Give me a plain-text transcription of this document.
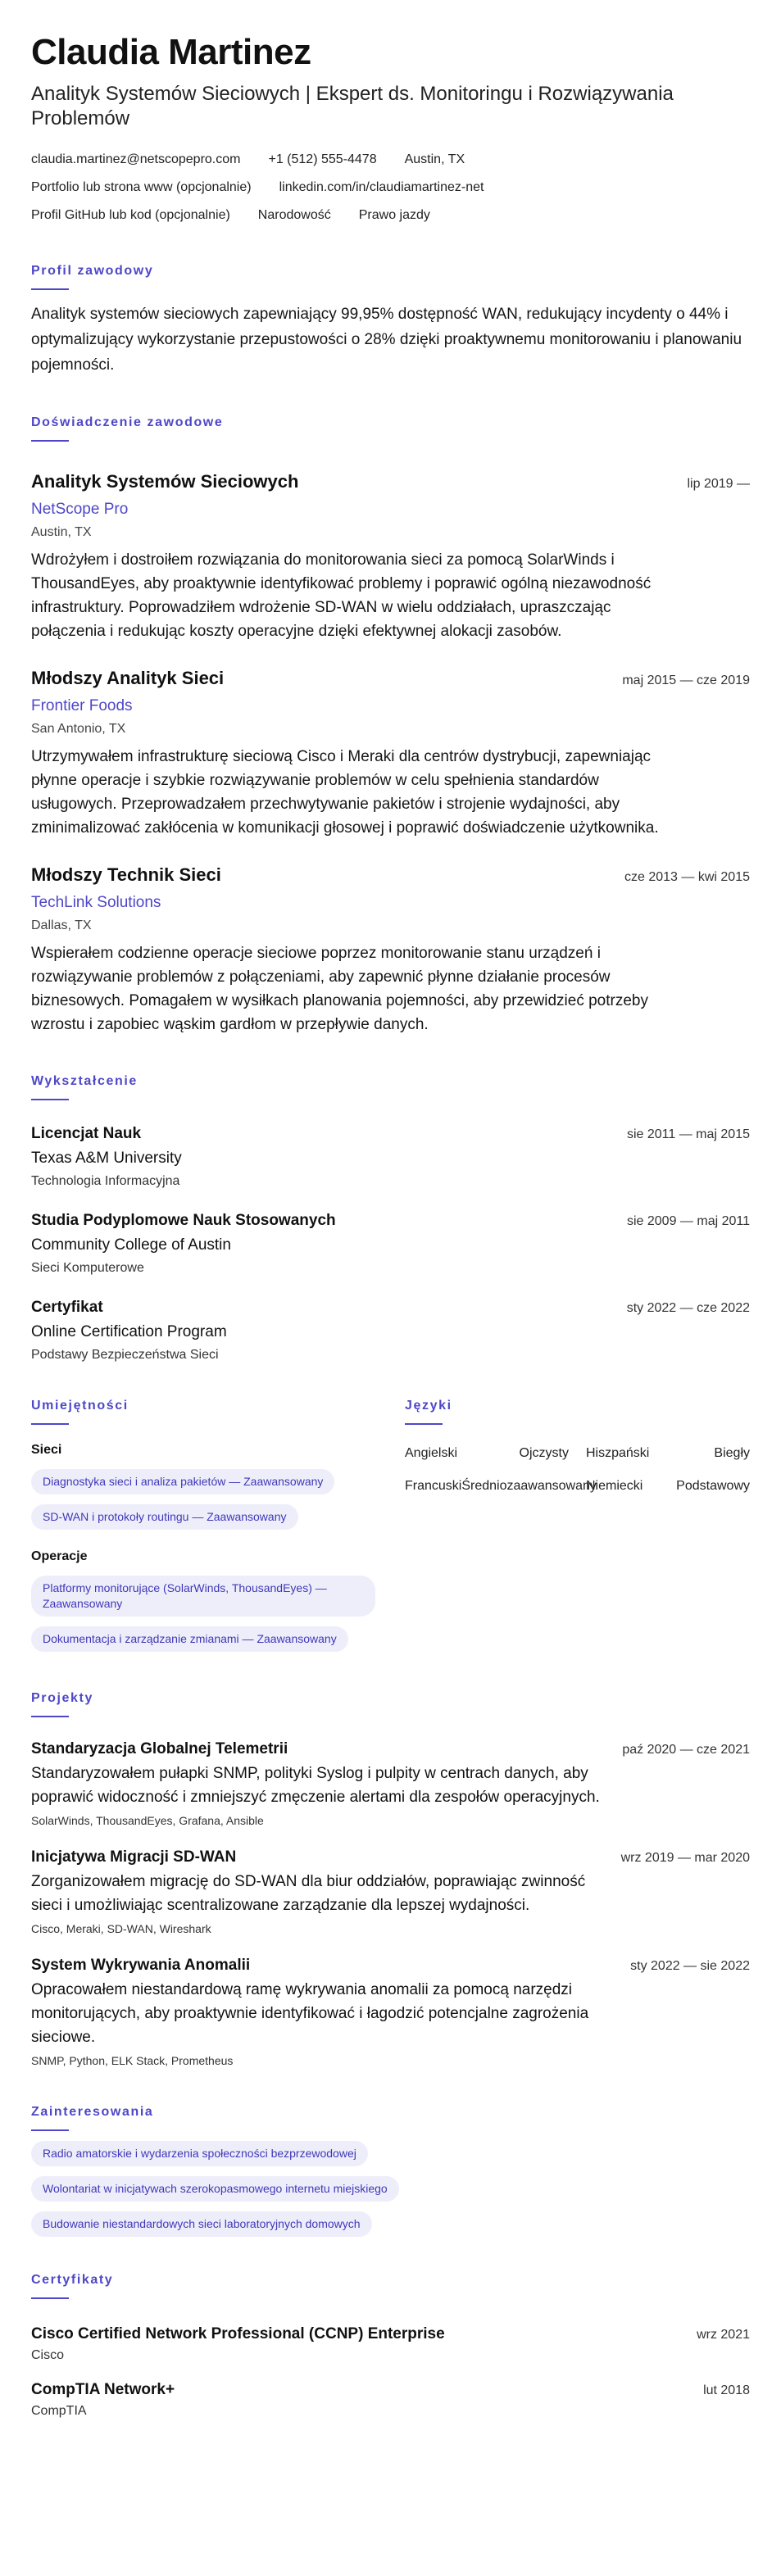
Claudia Martinez
Analityk Systemów Sieciowych | Ekspert ds. Monitoringu i Rozwiązywania Problemów
claudia.martinez@netscopepro.com +1 (512) 555-4478 Austin, TX
Portfolio lub strona www (opcjonalnie) linkedin.com/in/claudiamartinez-net
Profil GitHub lub kod (opcjonalnie) Narodowość Prawo jazdy
Profil zawodowy
Analityk systemów sieciowych zapewniający 99,95% dostępność WAN, redukujący incydenty o 44% i optymalizujący wykorzystanie przepustowości o 28% dzięki proaktywnemu monitorowaniu i planowaniu pojemności.
Doświadczenie zawodowe
Analityk Systemów Sieciowych	lip 2019 —
NetScope Pro
Austin, TX
Wdrożyłem i dostroiłem rozwiązania do monitorowania sieci za pomocą SolarWinds i ThousandEyes, aby proaktywnie identyfikować problemy i poprawić ogólną niezawodność infrastruktury. Poprowadziłem wdrożenie SD-WAN w wielu oddziałach, upraszczając połączenia i redukując koszty operacyjne dzięki efektywnej alokacji zasobów.
Młodszy Analityk Sieci	maj 2015 — cze 2019
Frontier Foods
San Antonio, TX
Utrzymywałem infrastrukturę sieciową Cisco i Meraki dla centrów dystrybucji, zapewniając płynne operacje i szybkie rozwiązywanie problemów w celu spełnienia standardów usługowych. Przeprowadzałem przechwytywanie pakietów i strojenie wydajności, aby zminimalizować zakłócenia w komunikacji głosowej i poprawić doświadczenie użytkownika.
Młodszy Technik Sieci	cze 2013 — kwi 2015
TechLink Solutions
Dallas, TX
Wspierałem codzienne operacje sieciowe poprzez monitorowanie stanu urządzeń i rozwiązywanie problemów z połączeniami, aby zapewnić płynne działanie procesów biznesowych. Pomagałem w wysiłkach planowania pojemności, aby przewidzieć potrzeby wzrostu i zapobiec wąskim gardłom w przepływie danych.
Wykształcenie
Licencjat Nauk	sie 2011 — maj 2015
Texas A&M University
Technologia Informacyjna
Studia Podyplomowe Nauk Stosowanych	sie 2009 — maj 2011
Community College of Austin
Sieci Komputerowe
Certyfikat	sty 2022 — cze 2022
Online Certification Program
Podstawy Bezpieczeństwa Sieci
Umiejętności
Sieci
Diagnostyka sieci i analiza pakietów — Zaawansowany
SD-WAN i protokoły routingu — Zaawansowany
Operacje
Platformy monitorujące (SolarWinds, ThousandEyes) — Zaawansowany
Dokumentacja i zarządzanie zmianami — Zaawansowany
Języki
Angielski	Ojczysty Hiszpański	Biegły
Francuski Średniozaawansowany
Niemiecki	Podstawowy
Projekty
Standaryzacja Globalnej Telemetrii	paź 2020 — cze 2021
Standaryzowałem pułapki SNMP, polityki Syslog i pulpity w centrach danych, aby poprawić widoczność i zmniejszyć zmęczenie alertami dla zespołów operacyjnych.
SolarWinds, ThousandEyes, Grafana, Ansible
Inicjatywa Migracji SD-WAN	wrz 2019 — mar 2020
Zorganizowałem migrację do SD-WAN dla biur oddziałów, poprawiając zwinność sieci i umożliwiając scentralizowane zarządzanie dla lepszej wydajności.
Cisco, Meraki, SD-WAN, Wireshark
System Wykrywania Anomalii	sty 2022 — sie 2022
Opracowałem niestandardową ramę wykrywania anomalii za pomocą narzędzi monitorujących, aby proaktywnie identyfikować i łagodzić potencjalne zagrożenia sieciowe.
SNMP, Python, ELK Stack, Prometheus
Zainteresowania
Radio amatorskie i wydarzenia społeczności bezprzewodowej
Wolontariat w inicjatywach szerokopasmowego internetu miejskiego
Budowanie niestandardowych sieci laboratoryjnych domowych
Certyfikaty
Cisco Certified Network Professional (CCNP) Enterprise	wrz 2021
Cisco
CompTIA Network+	lut 2018
CompTIA
